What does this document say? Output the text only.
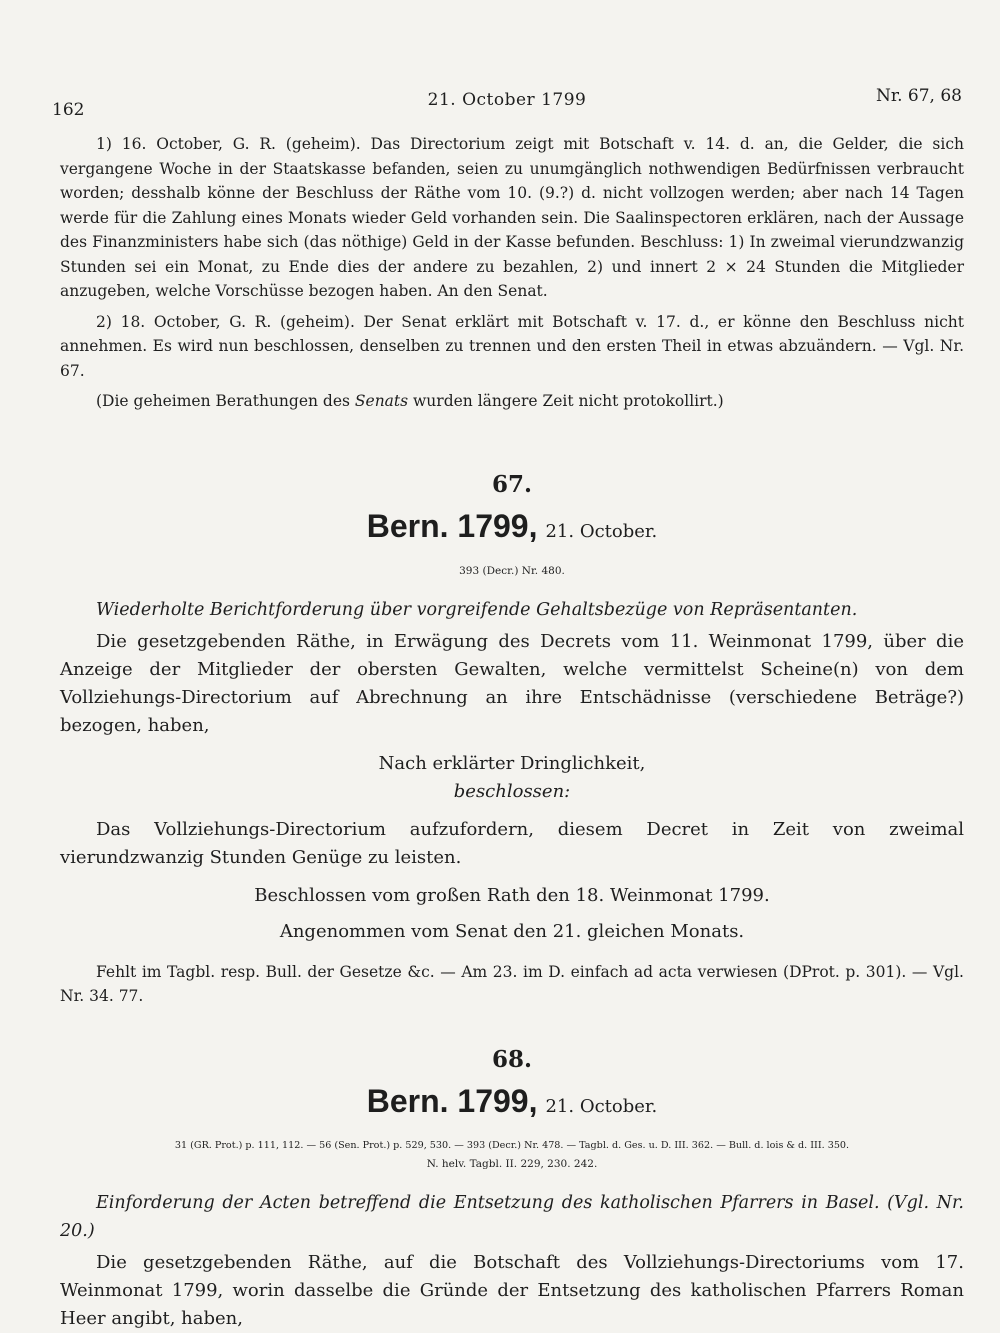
162	21. October 1799	Nr. 67, 68

1) 16. October, G. R. (geheim). Das Directorium zeigt mit Botschaft v. 14. d. an, die Gelder, die sich vergangene Woche in der Staatskasse befanden, seien zu unumgänglich nothwendigen Bedürfnissen verbraucht worden; desshalb könne der Beschluss der Räthe vom 10. (9.?) d. nicht vollzogen werden; aber nach 14 Tagen werde für die Zahlung eines Monats wieder Geld vorhanden sein. Die Saalinspectoren erklären, nach der Aussage des Finanzministers habe sich (das nöthige) Geld in der Kasse befunden. Beschluss: 1) In zweimal vierundzwanzig Stunden sei ein Monat, zu Ende dies der andere zu bezahlen, 2) und innert 2 × 24 Stunden die Mitglieder anzugeben, welche Vorschüsse bezogen haben. An den Senat.

2) 18. October, G. R. (geheim). Der Senat erklärt mit Botschaft v. 17. d., er könne den Beschluss nicht annehmen. Es wird nun beschlossen, denselben zu trennen und den ersten Theil in etwas abzuändern. — Vgl. Nr. 67.

(Die geheimen Berathungen des Senats wurden längere Zeit nicht protokollirt.)

67.
Bern. 1799, 21. October.
393 (Decr.) Nr. 480.

Wiederholte Berichtforderung über vorgreifende Gehaltsbezüge von Repräsentanten.

Die gesetzgebenden Räthe, in Erwägung des Decrets vom 11. Weinmonat 1799, über die Anzeige der Mitglieder der obersten Gewalten, welche vermittelst Scheine(n) von dem Vollziehungs-Directorium auf Abrechnung an ihre Entschädnisse (verschiedene Beträge?) bezogen, haben,

Nach erklärter Dringlichkeit,

beschlossen:

Das Vollziehungs-Directorium aufzufordern, diesem Decret in Zeit von zweimal vierundzwanzig Stunden Genüge zu leisten.

Beschlossen vom großen Rath den 18. Weinmonat 1799.

Angenommen vom Senat den 21. gleichen Monats.

Fehlt im Tagbl. resp. Bull. der Gesetze &c. — Am 23. im D. einfach ad acta verwiesen (DProt. p. 301). — Vgl. Nr. 34. 77.

68.
Bern. 1799, 21. October.
31 (GR. Prot.) p. 111, 112. — 56 (Sen. Prot.) p. 529, 530. — 393 (Decr.) Nr. 478. — Tagbl. d. Ges. u. D. III. 362. — Bull. d. lois & d. III. 350.
N. helv. Tagbl. II. 229, 230. 242.

Einforderung der Acten betreffend die Entsetzung des katholischen Pfarrers in Basel. (Vgl. Nr. 20.)

Die gesetzgebenden Räthe, auf die Botschaft des Vollziehungs-Directoriums vom 17. Weinmonat 1799, worin dasselbe die Gründe der Entsetzung des katholischen Pfarrers Roman Heer angibt, haben,
